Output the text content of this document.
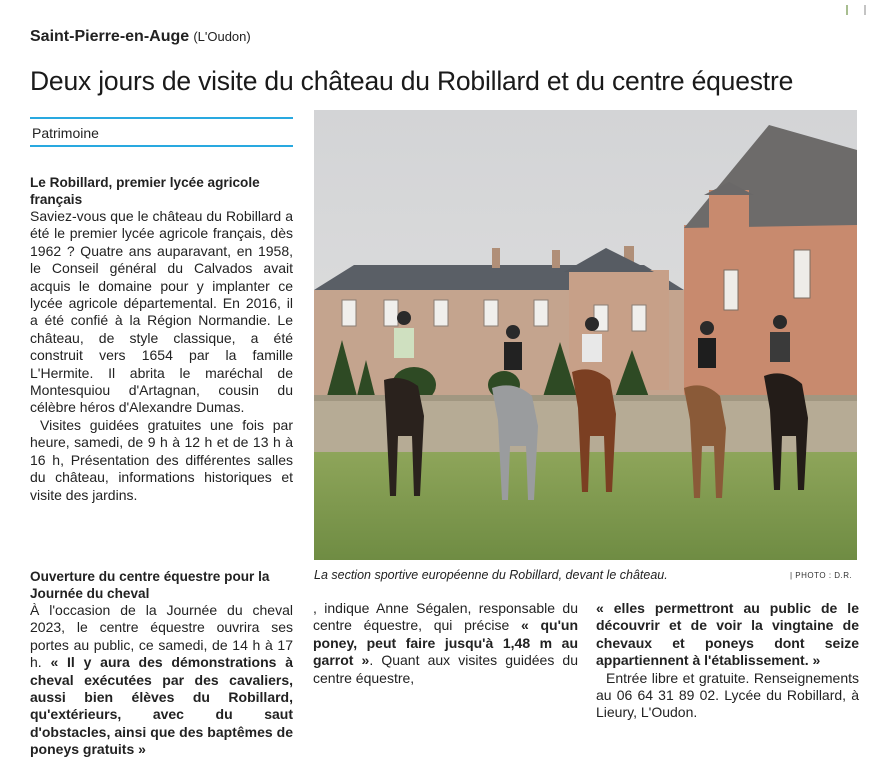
Saint-Pierre-en-Auge (L'Oudon)
Deux jours de visite du château du Robillard et du centre équestre
Patrimoine
Le Robillard, premier lycée agricole français

Saviez-vous que le château du Robillard a été le premier lycée agricole français, dès 1962 ? Quatre ans auparavant, en 1958, le Conseil général du Calvados avait acquis le domaine pour y implanter ce lycée agricole départemental. En 2016, il a été confié à la Région Normandie. Le château, de style classique, a été construit vers 1654 par la famille L'Hermite. Il abrita le maréchal de Montesquiou d'Artagnan, cousin du célèbre héros d'Alexandre Dumas.

Visites guidées gratuites une fois par heure, samedi, de 9 h à 12 h et de 13 h à 16 h, Présentation des différentes salles du château, informations historiques et visite des jardins.

Ouverture du centre équestre pour la Journée du cheval

À l'occasion de la Journée du cheval 2023, le centre équestre ouvrira ses portes au public, ce samedi, de 14 h à 17 h. « Il y aura des démonstrations à cheval exécutées par des cavaliers, aussi bien élèves du Robillard, qu'extérieurs, avec du saut d'obstacles, ainsi que des baptêmes de poneys gratuits »

, indique Anne Ségalen, responsable du centre équestre, qui précise « qu'un poney, peut faire jusqu'à 1,48 m au garrot ». Quant aux visites guidées du centre équestre,

« elles permettront au public de le découvrir et de voir la vingtaine de chevaux et poneys dont seize appartiennent à l'établissement. »

Entrée libre et gratuite. Renseignements au 06 64 31 89 02. Lycée du Robillard, à Lieury, L'Oudon.

La section sportive européenne du Robillard, devant le château.	| PHOTO : D.R.
